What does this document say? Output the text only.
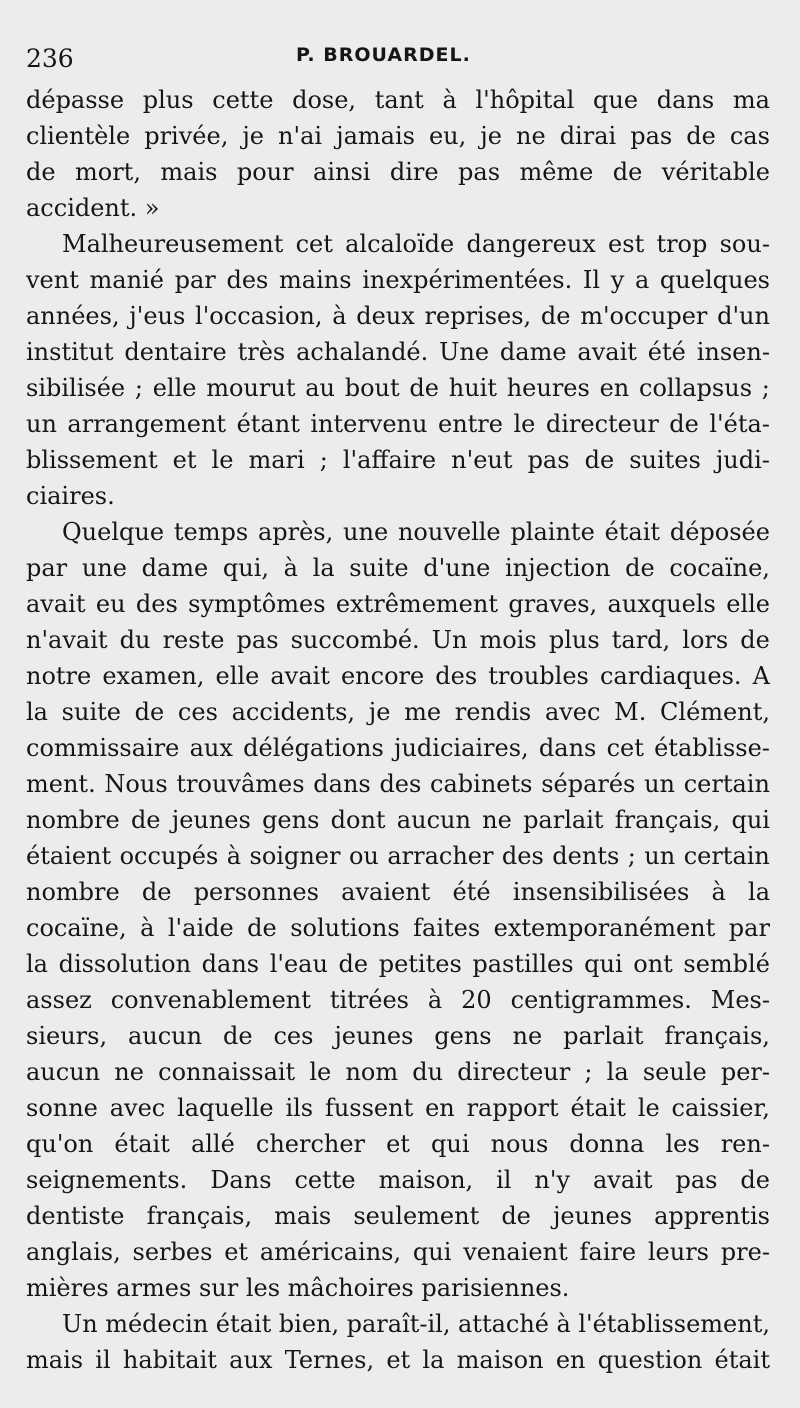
236	P. BROUARDEL.
dépasse plus cette dose, tant à l'hôpital que dans ma
clientèle privée, je n'ai jamais eu, je ne dirai pas de cas
de mort, mais pour ainsi dire pas même de véritable
accident. »
Malheureusement cet alcaloïde dangereux est trop sou-
vent manié par des mains inexpérimentées. Il y a quelques
années, j'eus l'occasion, à deux reprises, de m'occuper d'un
institut dentaire très achalandé. Une dame avait été insen-
sibilisée ; elle mourut au bout de huit heures en collapsus ;
un arrangement étant intervenu entre le directeur de l'éta-
blissement et le mari ; l'affaire n'eut pas de suites judi-
ciaires.
Quelque temps après, une nouvelle plainte était déposée
par une dame qui, à la suite d'une injection de cocaïne,
avait eu des symptômes extrêmement graves, auxquels elle
n'avait du reste pas succombé. Un mois plus tard, lors de
notre examen, elle avait encore des troubles cardiaques. A
la suite de ces accidents, je me rendis avec M. Clément,
commissaire aux délégations judiciaires, dans cet établisse-
ment. Nous trouvâmes dans des cabinets séparés un certain
nombre de jeunes gens dont aucun ne parlait français, qui
étaient occupés à soigner ou arracher des dents ; un certain
nombre de personnes avaient été insensibilisées à la
cocaïne, à l'aide de solutions faites extemporanément par
la dissolution dans l'eau de petites pastilles qui ont semblé
assez convenablement titrées à 20 centigrammes. Mes-
sieurs, aucun de ces jeunes gens ne parlait français,
aucun ne connaissait le nom du directeur ; la seule per-
sonne avec laquelle ils fussent en rapport était le caissier,
qu'on était allé chercher et qui nous donna les ren-
seignements. Dans cette maison, il n'y avait pas de
dentiste français, mais seulement de jeunes apprentis
anglais, serbes et américains, qui venaient faire leurs pre-
mières armes sur les mâchoires parisiennes.
Un médecin était bien, paraît-il, attaché à l'établissement,
mais il habitait aux Ternes, et la maison en question était
